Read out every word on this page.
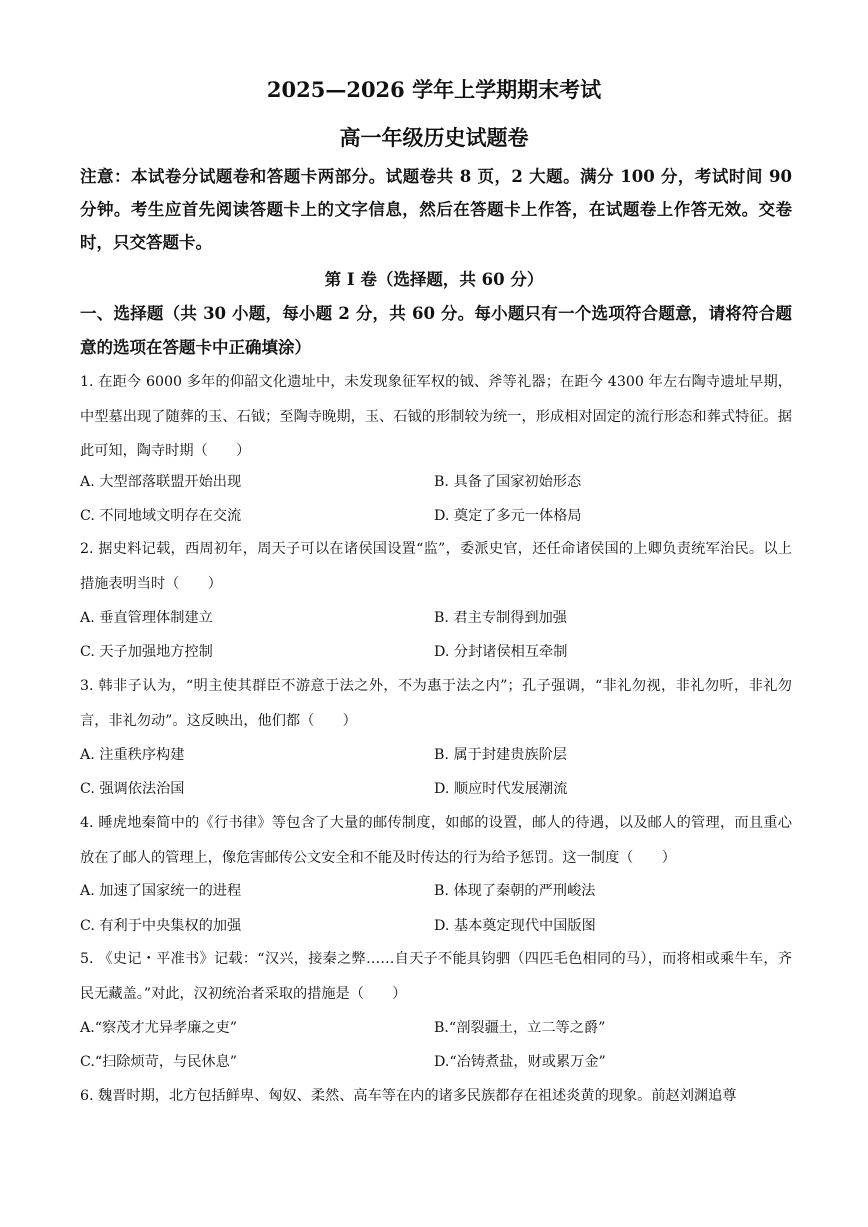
2025—2026 学年上学期期末考试
高一年级历史试题卷
注意：本试卷分试题卷和答题卡两部分。试题卷共 8 页，2 大题。满分 100 分，考试时间 90 分钟。考生应首先阅读答题卡上的文字信息，然后在答题卡上作答，在试题卷上作答无效。交卷时，只交答题卡。
第 I 卷（选择题，共 60 分）
一、选择题（共 30 小题，每小题 2 分，共 60 分。每小题只有一个选项符合题意，请将符合题意的选项在答题卡中正确填涂）
1. 在距今 6000 多年的仰韶文化遗址中，未发现象征军权的钺、斧等礼器；在距今 4300 年左右陶寺遗址早期，中型墓出现了随葬的玉、石钺；至陶寺晚期，玉、石钺的形制较为统一，形成相对固定的流行形态和葬式特征。据此可知，陶寺时期（　　）
A. 大型部落联盟开始出现	B. 具备了国家初始形态
C. 不同地域文明存在交流	D. 奠定了多元一体格局
2. 据史料记载，西周初年，周天子可以在诸侯国设置“监”，委派史官，还任命诸侯国的上卿负责统军治民。以上措施表明当时（　　）
A. 垂直管理体制建立	B. 君主专制得到加强
C. 天子加强地方控制	D. 分封诸侯相互牵制
3. 韩非子认为，“明主使其群臣不游意于法之外，不为惠于法之内”；孔子强调，“非礼勿视，非礼勿听，非礼勿言，非礼勿动”。这反映出，他们都（　　）
A. 注重秩序构建	B. 属于封建贵族阶层
C. 强调依法治国	D. 顺应时代发展潮流
4. 睡虎地秦简中的《行书律》等包含了大量的邮传制度，如邮的设置，邮人的待遇，以及邮人的管理，而且重心放在了邮人的管理上，像危害邮传公文安全和不能及时传达的行为给予惩罚。这一制度（　　）
A. 加速了国家统一的进程	B. 体现了秦朝的严刑峻法
C. 有利于中央集权的加强	D. 基本奠定现代中国版图
5. 《史记・平准书》记载：“汉兴，接秦之弊……自天子不能具钧驷（四匹毛色相同的马），而将相或乘牛车，齐民无藏盖。”对此，汉初统治者采取的措施是（　　）
A.“察茂才尤异孝廉之吏”	B.“剖裂疆土，立二等之爵”
C.“扫除烦苛，与民休息”	D.“冶铸煮盐，财或累万金”
6. 魏晋时期，北方包括鲜卑、匈奴、柔然、高车等在内的诸多民族都存在祖述炎黄的现象。前赵刘渊追尊
